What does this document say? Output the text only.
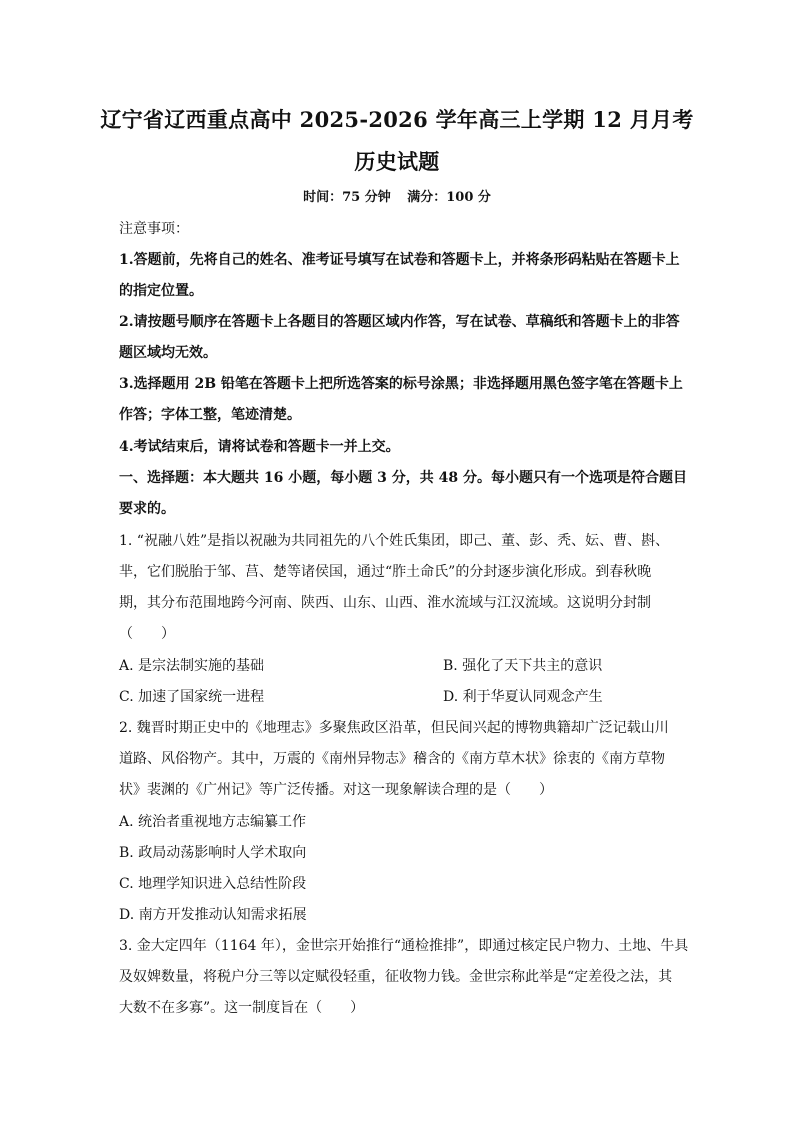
辽宁省辽西重点高中 2025-2026 学年高三上学期 12 月月考
历史试题
时间：75 分钟 满分：100 分
注意事项：
1.答题前，先将自己的姓名、准考证号填写在试卷和答题卡上，并将条形码粘贴在答题卡上
的指定位置。
2.请按题号顺序在答题卡上各题目的答题区域内作答，写在试卷、草稿纸和答题卡上的非答
题区域均无效。
3.选择题用 2B 铅笔在答题卡上把所选答案的标号涂黑；非选择题用黑色签字笔在答题卡上
作答；字体工整，笔迹清楚。
4.考试结束后，请将试卷和答题卡一并上交。
一、选择题：本大题共 16 小题，每小题 3 分，共 48 分。每小题只有一个选项是符合题目
要求的。
1. “祝融八姓”是指以祝融为共同祖先的八个姓氏集团，即己、董、彭、秃、妘、曹、斟、
芈，它们脱胎于邹、莒、楚等诸侯国，通过“胙土命氏”的分封逐步演化形成。到春秋晚
期，其分布范围地跨今河南、陕西、山东、山西、淮水流域与江汉流域。这说明分封制
（　　）
A. 是宗法制实施的基础	B. 强化了天下共主的意识
C. 加速了国家统一进程	D. 利于华夏认同观念产生
2. 魏晋时期正史中的《地理志》多聚焦政区沿革，但民间兴起的博物典籍却广泛记载山川
道路、风俗物产。其中，万震的《南州异物志》稽含的《南方草木状》徐衷的《南方草物
状》裴渊的《广州记》等广泛传播。对这一现象解读合理的是（　　）
A. 统治者重视地方志编纂工作
B. 政局动荡影响时人学术取向
C. 地理学知识进入总结性阶段
D. 南方开发推动认知需求拓展
3. 金大定四年（1164 年），金世宗开始推行“通检推排”，即通过核定民户物力、土地、牛具
及奴婢数量，将税户分三等以定赋役轻重，征收物力钱。金世宗称此举是“定差役之法，其
大数不在多寡”。这一制度旨在（　　）
